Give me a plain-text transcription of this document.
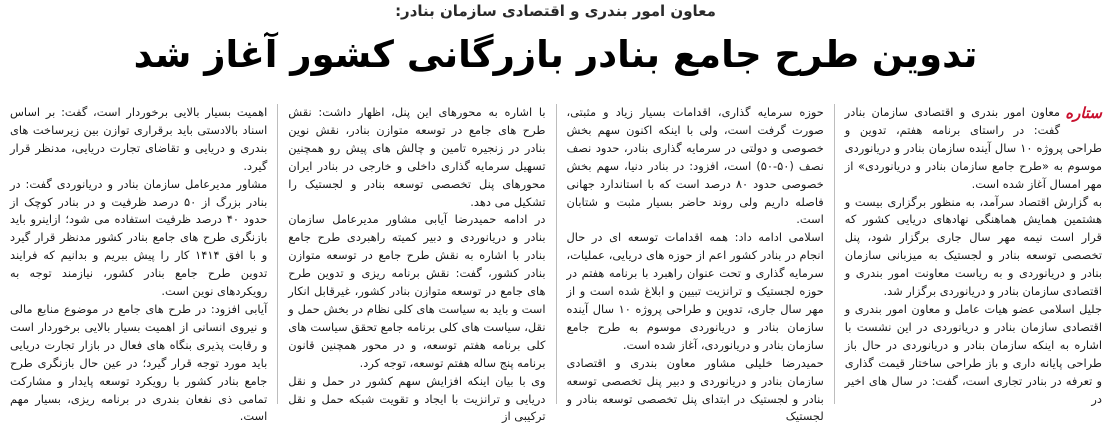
معاون امور بندری و اقتصادی سازمان بنادر:
تدوین طرح جامع بنادر بازرگانی کشور آغاز شد
ستاره

معاون امور بندری و اقتصادی سازمان بنادر گفت: در راستای برنامه هفتم، تدوین و طراحی پروژه ۱۰ سال آینده سازمان بنادر و دریانوردی موسوم به «طرح جامع سازمان بنادر و دریانوردی» از مهر امسال آغاز شده است.

به گزارش اقتصاد سرآمد، به منظور برگزاری بیست و هشتمین همایش هماهنگی نهادهای دریایی کشور که قرار است نیمه مهر سال جاری برگزار شود، پنل تخصصی توسعه بنادر و لجستیک به میزبانی سازمان بنادر و دریانوردی و به ریاست معاونت امور بندری و اقتصادی سازمان بنادر و دریانوردی برگزار شد.

جلیل اسلامی عضو هیات عامل و معاون امور بندری و اقتصادی سازمان بنادر و دریانوردی در این نشست با اشاره به اینکه سازمان بنادر و دریانوردی در حال باز طراحی پایانه داری و باز طراحی ساختار قیمت گذاری و تعرفه در بنادر تجاری است، گفت: در سال های اخیر در

حوزه سرمایه گذاری، اقدامات بسیار زیاد و مثبتی، صورت گرفت است، ولی با اینکه اکنون سهم بخش خصوصی و دولتی در سرمایه گذاری بنادر، حدود نصف نصف (۵۰-۵۰) است، افزود: در بنادر دنیا، سهم بخش خصوصی حدود ۸۰ درصد است که با استاندارد جهانی فاصله داریم ولی روند حاضر بسیار مثبت و شتابان است.

اسلامی ادامه داد: همه اقدامات توسعه ای در حال انجام در بنادر کشور اعم از حوزه های دریایی، عملیات، سرمایه گذاری و تحت عنوان راهبرد با برنامه هفتم در حوزه لجستیک و ترانزیت تبیین و ابلاغ شده است و از مهر سال جاری، تدوین و طراحی پروژه ۱۰ سال آینده سازمان بنادر و دریانوردی موسوم به طرح جامع سازمان بنادر و دریانوردی، آغاز شده است.

حمیدرضا خلیلی مشاور معاون بندری و اقتصادی سازمان بنادر و دریانوردی و دبیر پنل تخصصی توسعه بنادر و لجستیک در ابتدای پنل تخصصی توسعه بنادر و لجستیک

با اشاره به محورهای این پنل، اظهار داشت: نقش طرح های جامع در توسعه متوازن بنادر، نقش نوین بنادر در زنجیره تامین و چالش های پیش رو همچنین تسهیل سرمایه گذاری داخلی و خارجی در بنادر ایران محورهای پنل تخصصی توسعه بنادر و لجستیک را تشکیل می دهد.

در ادامه حمیدرضا آیابی مشاور مدیرعامل سازمان بنادر و دریانوردی و دبیر کمیته راهبردی طرح جامع بنادر با اشاره به نقش طرح جامع در توسعه متوازن بنادر کشور، گفت: نقش برنامه ریزی و تدوین طرح های جامع در توسعه متوازن بنادر کشور، غیرقابل انکار است و باید به سیاست های کلی نظام در بخش حمل و نقل، سیاست های کلی برنامه جامع تحقق سیاست های کلی برنامه هفتم توسعه، و در محور همچنین قانون برنامه پنج ساله هفتم توسعه، توجه کرد.

وی با بیان اینکه افزایش سهم کشور در حمل و نقل دریایی و ترانزیت با ایجاد و تقویت شبکه حمل و نقل ترکیبی از

اهمیت بسیار بالایی برخوردار است، گفت: بر اساس اسناد بالادستی باید برقراری توازن بین زیرساخت های بندری و دریایی و تقاضای تجارت دریایی، مدنظر قرار گیرد.

مشاور مدیرعامل سازمان بنادر و دریانوردی گفت: در بنادر بزرگ از ۵۰ درصد ظرفیت و در بنادر کوچک از حدود ۴۰ درصد ظرفیت استفاده می شود؛ ازاینرو باید بازنگری طرح های جامع بنادر کشور مدنظر قرار گیرد و با افق ۱۴۱۴ کار را پیش ببریم و بدانیم که فرایند تدوین طرح جامع بنادر کشور، نیازمند توجه به رویکردهای نوین است.

آیابی افزود: در طرح های جامع در موضوع منابع مالی و نیروی انسانی از اهمیت بسیار بالایی برخوردار است و رقابت پذیری بنگاه های فعال در بازار تجارت دریایی باید مورد توجه قرار گیرد؛ در عین حال بازنگری طرح جامع بنادر کشور با رویکرد توسعه پایدار و مشارکت تمامی ذی نفعان بندری در برنامه ریزی، بسیار مهم است.
